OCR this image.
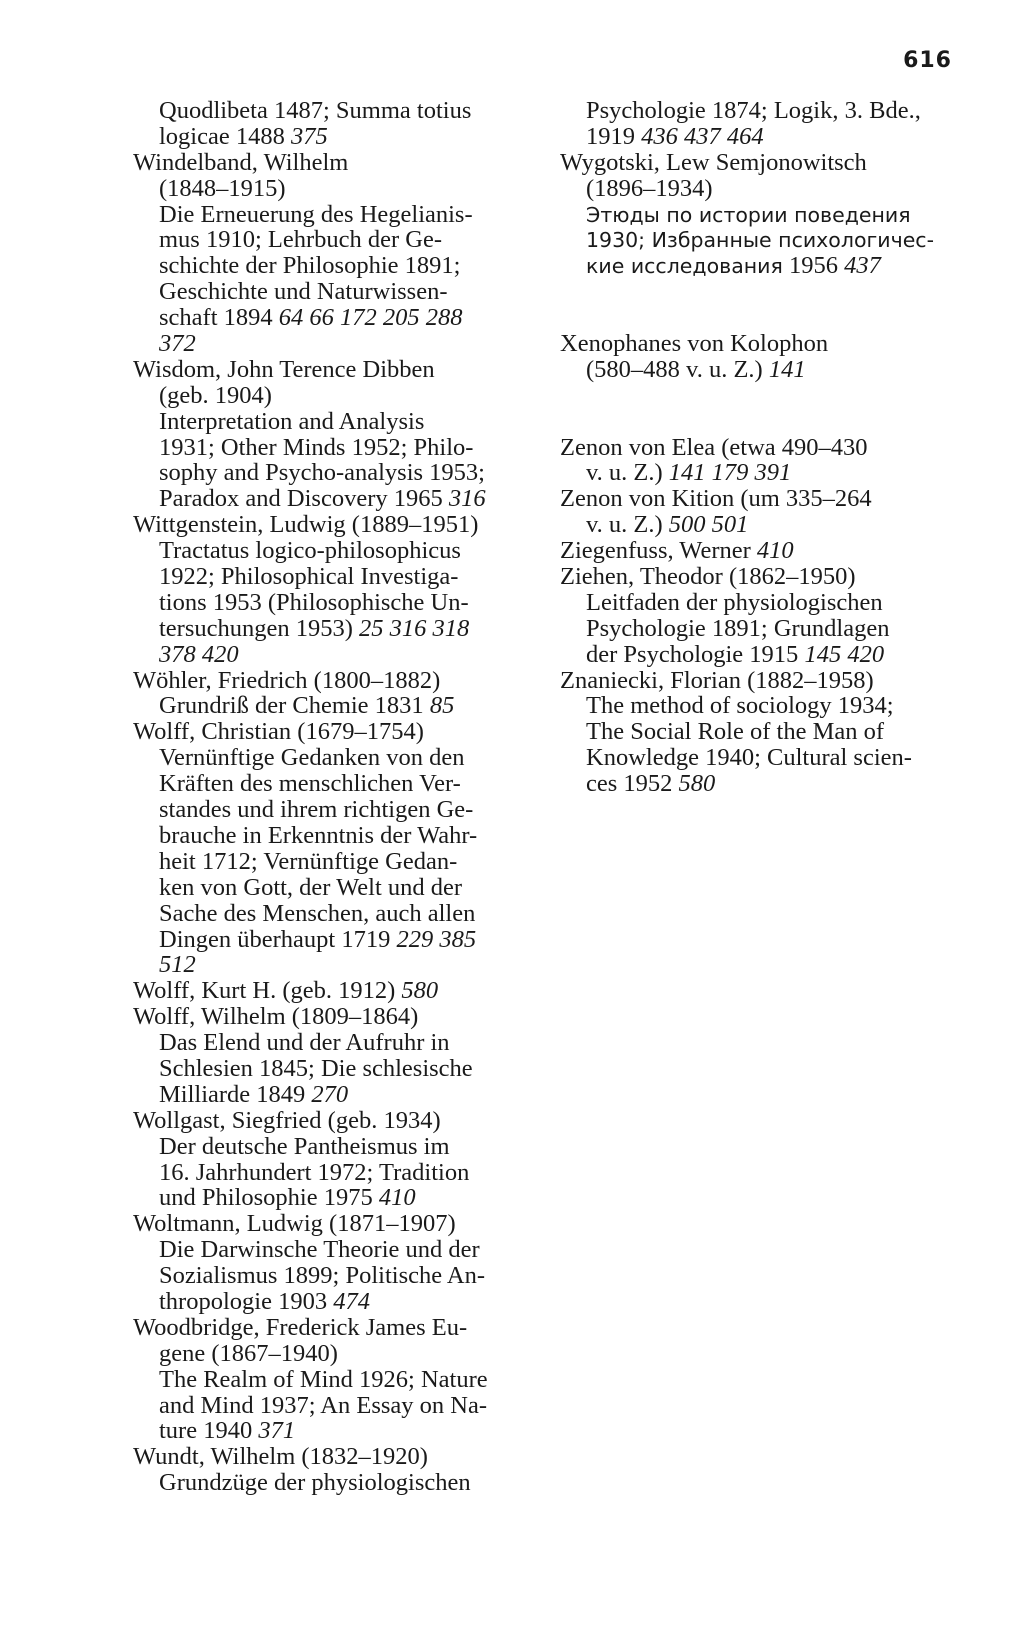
616
Quodlibeta 1487; Summa totius
logicae 1488 375
Windelband, Wilhelm
(1848–1915)
Die Erneuerung des Hegelianis-
mus 1910; Lehrbuch der Ge-
schichte der Philosophie 1891;
Geschichte und Naturwissen-
schaft 1894 64 66 172 205 288
372
Wisdom, John Terence Dibben
(geb. 1904)
Interpretation and Analysis
1931; Other Minds 1952; Philo-
sophy and Psycho-analysis 1953;
Paradox and Discovery 1965 316
Wittgenstein, Ludwig (1889–1951)
Tractatus logico-philosophicus
1922; Philosophical Investiga-
tions 1953 (Philosophische Un-
tersuchungen 1953) 25 316 318
378 420
Wöhler, Friedrich (1800–1882)
Grundriß der Chemie 1831 85
Wolff, Christian (1679–1754)
Vernünftige Gedanken von den
Kräften des menschlichen Ver-
standes und ihrem richtigen Ge-
brauche in Erkenntnis der Wahr-
heit 1712; Vernünftige Gedan-
ken von Gott, der Welt und der
Sache des Menschen, auch allen
Dingen überhaupt 1719 229 385
512
Wolff, Kurt H. (geb. 1912) 580
Wolff, Wilhelm (1809–1864)
Das Elend und der Aufruhr in
Schlesien 1845; Die schlesische
Milliarde 1849 270
Wollgast, Siegfried (geb. 1934)
Der deutsche Pantheismus im
16. Jahrhundert 1972; Tradition
und Philosophie 1975 410
Woltmann, Ludwig (1871–1907)
Die Darwinsche Theorie und der
Sozialismus 1899; Politische An-
thropologie 1903 474
Woodbridge, Frederick James Eu-
gene (1867–1940)
The Realm of Mind 1926; Nature
and Mind 1937; An Essay on Na-
ture 1940 371
Wundt, Wilhelm (1832–1920)
Grundzüge der physiologischen
Psychologie 1874; Logik, 3. Bde.,
1919 436 437 464
Wygotski, Lew Semjonowitsch
(1896–1934)
Этюды по истории поведения
1930; Избранные психологичес-
кие исследования 1956 437
Xenophanes von Kolophon
(580–488 v. u. Z.) 141
Zenon von Elea (etwa 490–430
v. u. Z.) 141 179 391
Zenon von Kition (um 335–264
v. u. Z.) 500 501
Ziegenfuss, Werner 410
Ziehen, Theodor (1862–1950)
Leitfaden der physiologischen
Psychologie 1891; Grundlagen
der Psychologie 1915 145 420
Znaniecki, Florian (1882–1958)
The method of sociology 1934;
The Social Role of the Man of
Knowledge 1940; Cultural scien-
ces 1952 580
